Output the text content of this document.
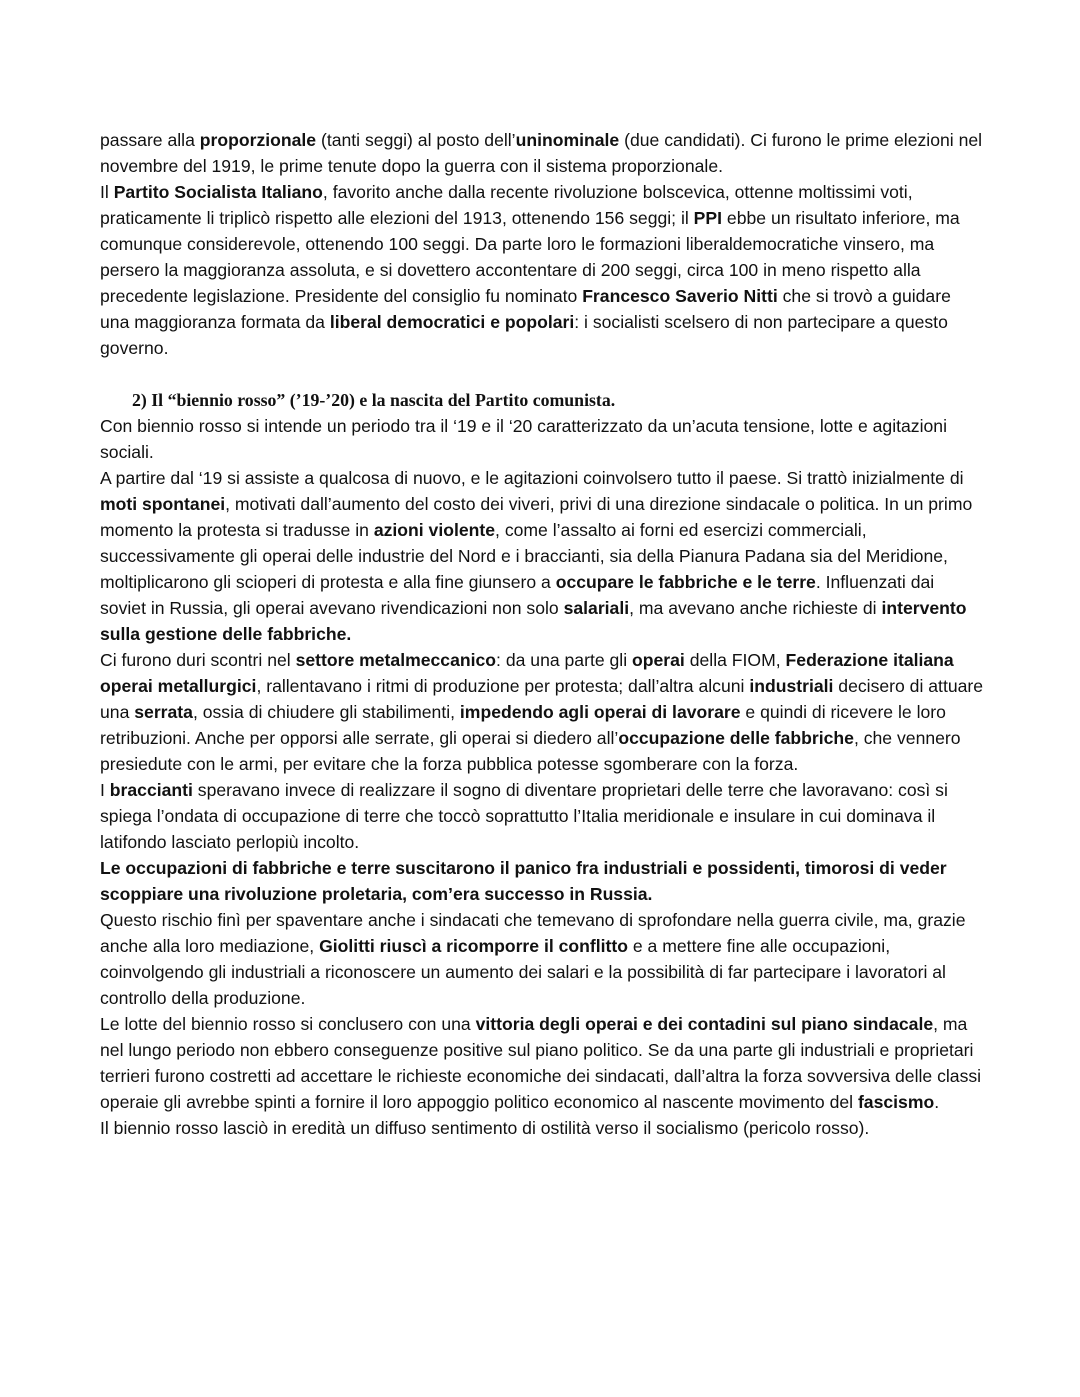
passare alla proporzionale (tanti seggi) al posto dell’uninominale (due candidati). Ci furono le prime elezioni nel novembre del 1919, le prime tenute dopo la guerra con il sistema proporzionale.

Il Partito Socialista Italiano, favorito anche dalla recente rivoluzione bolscevica, ottenne moltissimi voti, praticamente li triplicò rispetto alle elezioni del 1913, ottenendo 156 seggi; il PPI ebbe un risultato inferiore, ma comunque considerevole, ottenendo 100 seggi. Da parte loro le formazioni liberaldemocratiche vinsero, ma persero la maggioranza assoluta, e si dovettero accontentare di 200 seggi, circa 100 in meno rispetto alla precedente legislazione. Presidente del consiglio fu nominato Francesco Saverio Nitti che si trovò a guidare una maggioranza formata da liberal democratici e popolari: i socialisti scelsero di non partecipare a questo governo.

2) Il “biennio rosso” (’19-’20) e la nascita del Partito comunista.

Con biennio rosso si intende un periodo tra il ‘19 e il ‘20 caratterizzato da un’acuta tensione, lotte e agitazioni sociali.

A partire dal ‘19 si assiste a qualcosa di nuovo, e le agitazioni coinvolsero tutto il paese. Si trattò inizialmente di moti spontanei, motivati dall’aumento del costo dei viveri, privi di una direzione sindacale o politica. In un primo momento la protesta si tradusse in azioni violente, come l’assalto ai forni ed esercizi commerciali, successivamente gli operai delle industrie del Nord e i braccianti, sia della Pianura Padana sia del Meridione, moltiplicarono gli scioperi di protesta e alla fine giunsero a occupare le fabbriche e le terre. Influenzati dai soviet in Russia, gli operai avevano rivendicazioni non solo salariali, ma avevano anche richieste di intervento sulla gestione delle fabbriche.

Ci furono duri scontri nel settore metalmeccanico: da una parte gli operai della FIOM, Federazione italiana operai metallurgici, rallentavano i ritmi di produzione per protesta; dall’altra alcuni industriali decisero di attuare una serrata, ossia di chiudere gli stabilimenti, impedendo agli operai di lavorare e quindi di ricevere le loro retribuzioni. Anche per opporsi alle serrate, gli operai si diedero all’occupazione delle fabbriche, che vennero presiedute con le armi, per evitare che la forza pubblica potesse sgomberare con la forza.

I braccianti speravano invece di realizzare il sogno di diventare proprietari delle terre che lavoravano: così si spiega l’ondata di occupazione di terre che toccò soprattutto l’Italia meridionale e insulare in cui dominava il latifondo lasciato perlopiù incolto.

Le occupazioni di fabbriche e terre suscitarono il panico fra industriali e possidenti, timorosi di veder scoppiare una rivoluzione proletaria, com’era successo in Russia.

Questo rischio finì per spaventare anche i sindacati che temevano di sprofondare nella guerra civile, ma, grazie anche alla loro mediazione, Giolitti riuscì a ricomporre il conflitto e a mettere fine alle occupazioni, coinvolgendo gli industriali a riconoscere un aumento dei salari e la possibilità di far partecipare i lavoratori al controllo della produzione.

Le lotte del biennio rosso si conclusero con una vittoria degli operai e dei contadini sul piano sindacale, ma nel lungo periodo non ebbero conseguenze positive sul piano politico. Se da una parte gli industriali e proprietari terrieri furono costretti ad accettare le richieste economiche dei sindacati, dall’altra la forza sovversiva delle classi operaie gli avrebbe spinti a fornire il loro appoggio politico economico al nascente movimento del fascismo.

Il biennio rosso lasciò in eredità un diffuso sentimento di ostilità verso il socialismo (pericolo rosso).
